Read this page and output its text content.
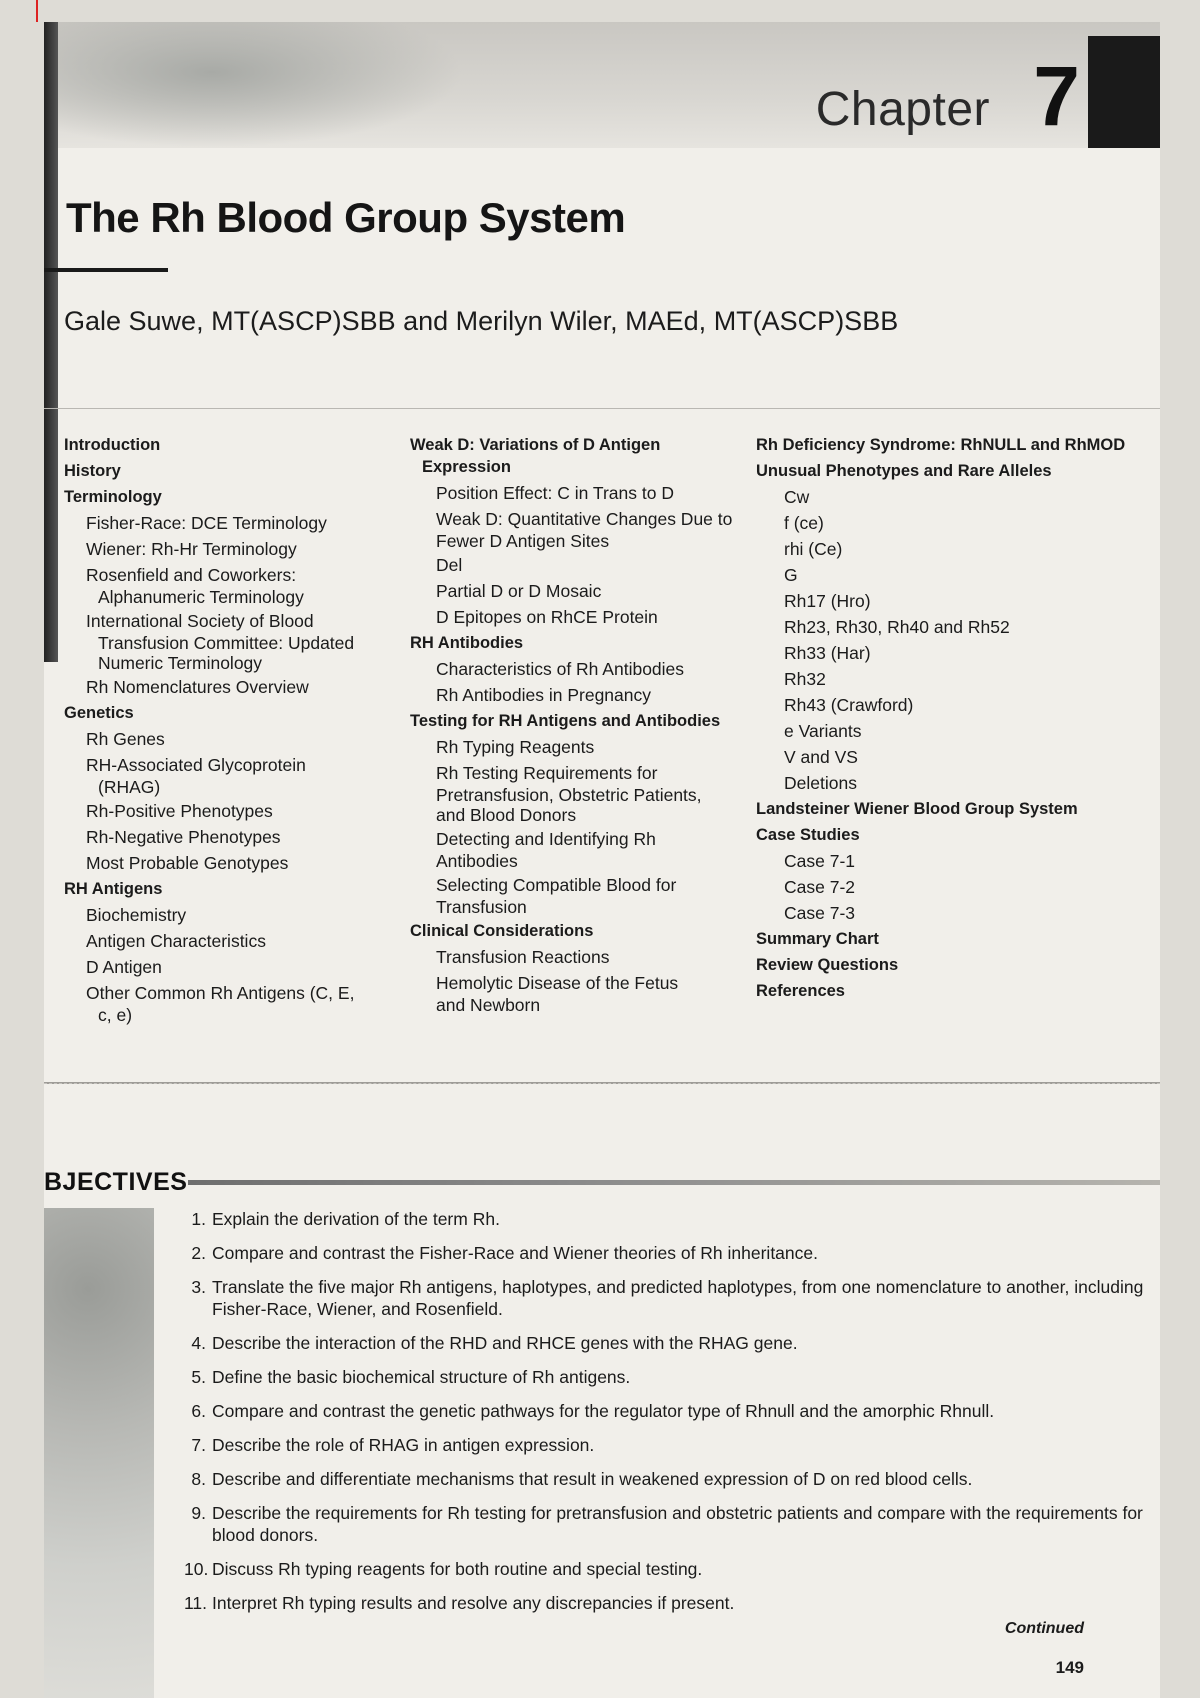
Chapter 7
The Rh Blood Group System

Gale Suwe, MT(ASCP)SBB and Merilyn Wiler, MAEd, MT(ASCP)SBB

Introduction
History
Terminology
Fisher-Race: DCE Terminology
Wiener: Rh-Hr Terminology
Rosenfield and Coworkers:
Alphanumeric Terminology
International Society of Blood
Transfusion Committee: Updated
Numeric Terminology
Rh Nomenclatures Overview
Genetics
Rh Genes
RH-Associated Glycoprotein
(RHAG)
Rh-Positive Phenotypes
Rh-Negative Phenotypes
Most Probable Genotypes
RH Antigens
Biochemistry
Antigen Characteristics
D Antigen
Other Common Rh Antigens (C, E,
c, e)
Weak D: Variations of D Antigen
Expression
Position Effect: C in Trans to D
Weak D: Quantitative Changes Due to
Fewer D Antigen Sites
Del
Partial D or D Mosaic
D Epitopes on RhCE Protein
RH Antibodies
Characteristics of Rh Antibodies
Rh Antibodies in Pregnancy
Testing for RH Antigens and Antibodies
Rh Typing Reagents
Rh Testing Requirements for
Pretransfusion, Obstetric Patients,
and Blood Donors
Detecting and Identifying Rh
Antibodies
Selecting Compatible Blood for
Transfusion
Clinical Considerations
Transfusion Reactions
Hemolytic Disease of the Fetus
and Newborn
Rh Deficiency Syndrome: RhNULL and RhMOD
Unusual Phenotypes and Rare Alleles
Cw
f (ce)
rhi (Ce)
G
Rh17 (Hro)
Rh23, Rh30, Rh40 and Rh52
Rh33 (Har)
Rh32
Rh43 (Crawford)
e Variants
V and VS
Deletions
Landsteiner Wiener Blood Group System
Case Studies
Case 7-1
Case 7-2
Case 7-3
Summary Chart
Review Questions
References
BJECTIVES
1. Explain the derivation of the term Rh.
2. Compare and contrast the Fisher-Race and Wiener theories of Rh inheritance.
3. Translate the five major Rh antigens, haplotypes, and predicted haplotypes, from one nomenclature to another, including Fisher-Race, Wiener, and Rosenfield.
4. Describe the interaction of the RHD and RHCE genes with the RHAG gene.
5. Define the basic biochemical structure of Rh antigens.
6. Compare and contrast the genetic pathways for the regulator type of Rhnull and the amorphic Rhnull.
7. Describe the role of RHAG in antigen expression.
8. Describe and differentiate mechanisms that result in weakened expression of D on red blood cells.
9. Describe the requirements for Rh testing for pretransfusion and obstetric patients and compare with the requirements for blood donors.
10. Discuss Rh typing reagents for both routine and special testing.
11. Interpret Rh typing results and resolve any discrepancies if present.
Continued
149
